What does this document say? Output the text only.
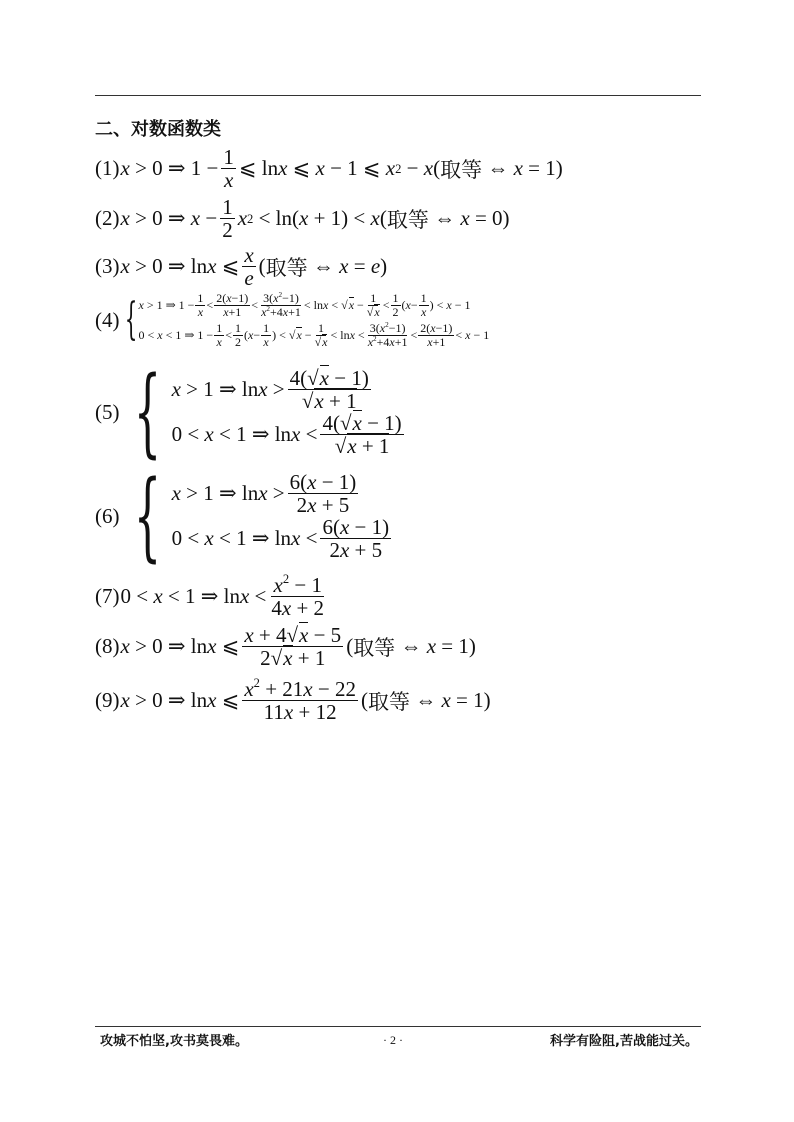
二、对数函数类
(1) x > 0 ⇒ $1 - \frac{1}{x}$ ⩽ ln x ⩽ x − 1 ⩽ x 2 − x ( 取等 ⇔ x = 1)
(2) x > 0 ⇒ $x - \frac{1}{2}$ x 2 < ln ( x + 1) < x ( 取等 ⇔ x = 0)
(3) x > 0 ⇒ ln x ⩽ $\frac{x}{e}$ ( 取等 ⇔ x = e )
(4) { x > 1 ⇒ $1 - \frac{1}{x} < \frac{2(x-1)}{x+1} < \frac{3(x^2-1)}{x^2+4x+1} < \ln x$ < √ $x - \frac{1}{√x} < \frac{1}{2}$ ( $x - \frac{1}{x}$ ) < x − 1
0 < x < 1 ⇒ $1 - \frac{1}{x} < \frac{1}{2}$ ( $x - \frac{1}{x}$ ) < √ $x - \frac{1}{√x} < \ln x < \frac{3(x^2-1)}{x^2+4x+1} < \frac{2(x-1)}{x+1} < x - 1$
(5) { x > 1 ⇒ $\ln x > \frac{4(√x - 1)}{√x + 1}$
0 < x < 1 ⇒ $\ln x < \frac{4(√x - 1)}{√x + 1}$
(6) { x > 1 ⇒ $\ln x > \frac{6(x - 1)}{2x + 5}$
0 < x < 1 ⇒ $\ln x < \frac{6(x - 1)}{2x + 5}$
(7) 0 < x < 1 ⇒ $\ln x < \frac{x^2 - 1}{4x + 2}$
(8) x > 0 ⇒ ln x ⩽ $\frac{x + 4√x - 5}{2√x + 1}$ ( 取等 ⇔ x = 1)
(9) x > 0 ⇒ ln x ⩽ $\frac{x^2 + 21x - 22}{11x + 12}$ ( 取等 ⇔ x = 1)
攻城不怕坚,攻书莫畏难。	· 2 ·	科学有险阻,苦战能过关。
